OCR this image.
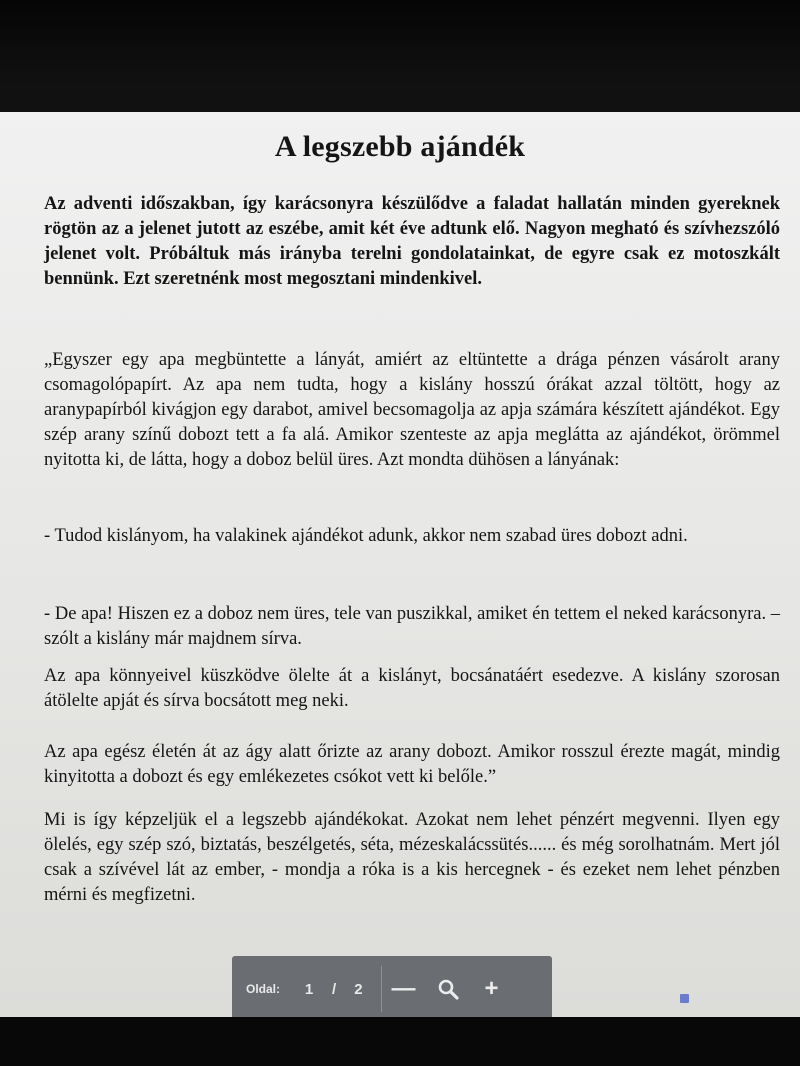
A legszebb ajándék

Az adventi időszakban, így karácsonyra készülődve a faladat hallatán minden gyereknek rögtön az a jelenet jutott az eszébe, amit két éve adtunk elő. Nagyon megható és szívhezszóló jelenet volt. Próbáltuk más irányba terelni gondolatainkat, de egyre csak ez motoszkált bennünk. Ezt szeretnénk most megosztani mindenkivel.

„Egyszer egy apa megbüntette a lányát, amiért az eltüntette a drága pénzen vásárolt arany csomagolópapírt. Az apa nem tudta, hogy a kislány hosszú órákat azzal töltött, hogy az aranypapírból kivágjon egy darabot, amivel becsomagolja az apja számára készített ajándékot. Egy szép arany színű dobozt tett a fa alá. Amikor szenteste az apja meglátta az ajándékot, örömmel nyitotta ki, de látta, hogy a doboz belül üres. Azt mondta dühösen a lányának:

- Tudod kislányom, ha valakinek ajándékot adunk, akkor nem szabad üres dobozt adni.

- De apa! Hiszen ez a doboz nem üres, tele van puszikkal, amiket én tettem el neked karácsonyra. – szólt a kislány már majdnem sírva.

Az apa könnyeivel küszködve ölelte át a kislányt, bocsánatáért esedezve. A kislány szorosan átölelte apját és sírva bocsátott meg neki.

Az apa egész életén át az ágy alatt őrizte az arany dobozt. Amikor rosszul érezte magát, mindig kinyitotta a dobozt és egy emlékezetes csókot vett ki belőle.”

Mi is így képzeljük el a legszebb ajándékokat. Azokat nem lehet pénzért megvenni. Ilyen egy ölelés, egy szép szó, biztatás, beszélgetés, séta, mézeskalácssütés...... és még sorolhatnám. Mert jól csak a szívével lát az ember, - mondja a róka is a kis hercegnek - és ezeket nem lehet pénzben mérni és megfizetni.

Oldal: 1 / 2	—	+
